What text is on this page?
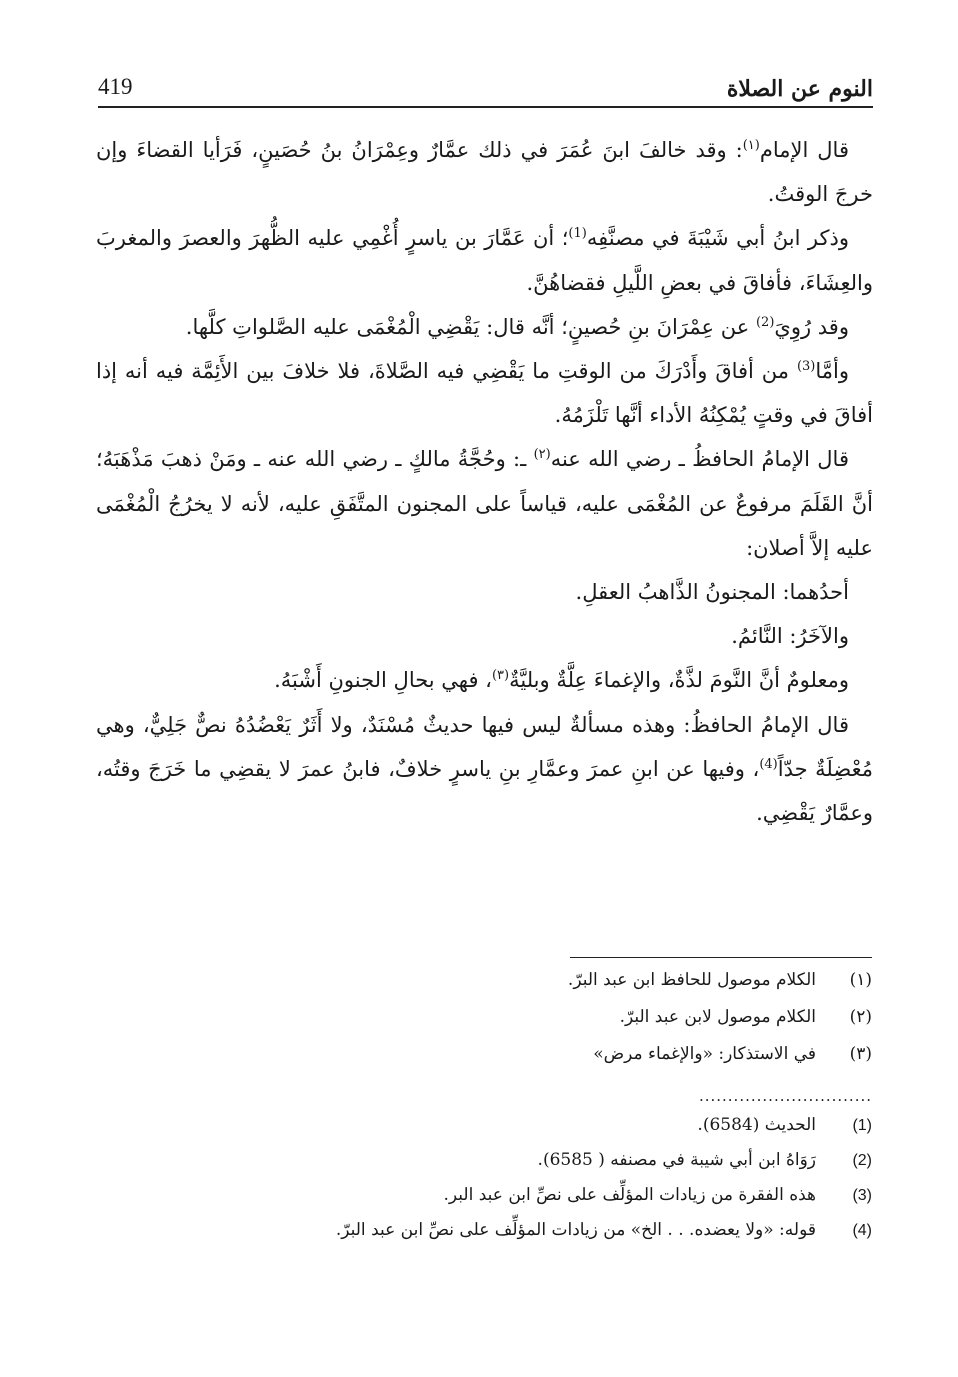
النوم عن الصلاة
419

قال الإمام$^{(١)}$: وقد خالفَ ابنَ عُمَرَ في ذلك عمَّارٌ وعِمْرَانُ بنُ حُصَينٍ، فَرَأيا القضاءَ وإن خرجَ الوقتُ.

وذكر ابنُ أبي شَيْبَةَ في مصنَّفِه$^{(1)}$؛ أن عَمَّارَ بن ياسرٍ أُغْمِي عليه الظُّهرَ والعصرَ والمغربَ والعِشَاءَ، فأفاقَ في بعضِ اللَّيلِ فقضاهُنَّ.

وقد رُوِيَ$^{(2)}$ عن عِمْرَانَ بنِ حُصينٍ؛ أنَّه قال: يَقْضِي الْمُغْمَى عليه الصَّلواتِ كلَّها.

وأمَّا$^{(3)}$ من أفاقَ وأَدْرَكَ من الوقتِ ما يَقْضِي فيه الصَّلاةَ، فلا خلافَ بين الأَئِمَّة فيه أنه إذا أفاقَ في وقتٍ يُمْكِنُهُ الأداء أنَّها تَلْزَمُهُ.

قال الإمامُ الحافظُ ـ رضي الله عنه$^{(٢)}$ ـ: وحُجَّةُ مالكٍ ـ رضي الله عنه ـ ومَنْ ذهبَ مَذْهَبَهُ؛ أنَّ القَلَمَ مرفوعٌ عن المُغْمَى عليه، قياساً على المجنون المتَّفَقِ عليه، لأنه لا يخرُجُ الْمُغْمَى عليه إلاَّ أصلان:

أحدُهما: المجنونُ الذَّاهبُ العقلِ.

والآخَرُ: النَّائمُ.

ومعلومٌ أنَّ النَّومَ لذَّةٌ، والإغماءَ عِلَّةٌ وبليَّةٌ$^{(٣)}$، فهي بحالِ الجنونِ أَشْبَهُ.

قال الإمامُ الحافظُ: وهذه مسألةٌ ليس فيها حديثٌ مُسْنَدٌ، ولا أَثَرٌ يَعْضُدُهُ نصٌّ جَلِيٌّ، وهي مُعْضِلَةٌ جدّاً$^{(4)}$، وفيها عن ابنِ عمرَ وعمَّارِ بنِ ياسرٍ خلافٌ، فابنُ عمرَ لا يقضِي ما خَرَجَ وقتُه، وعمَّارٌ يَقْضِي.

(١)
الكلام موصول للحافظ ابن عبد البرّ.
(٢)
الكلام موصول لابن عبد البرّ.
(٣)
في الاستذكار: «والإغماء مرض»
..............................
(1)
الحديث (6584).
(2)
رَوَاهُ ابن أبي شيبة في مصنفه ( 6585).
(3)
هذه الفقرة من زيادات المؤلِّف على نصِّ ابن عبد البر.
(4)
قوله: «ولا يعضده. . . الخ» من زيادات المؤلِّف على نصِّ ابن عبد البرّ.
